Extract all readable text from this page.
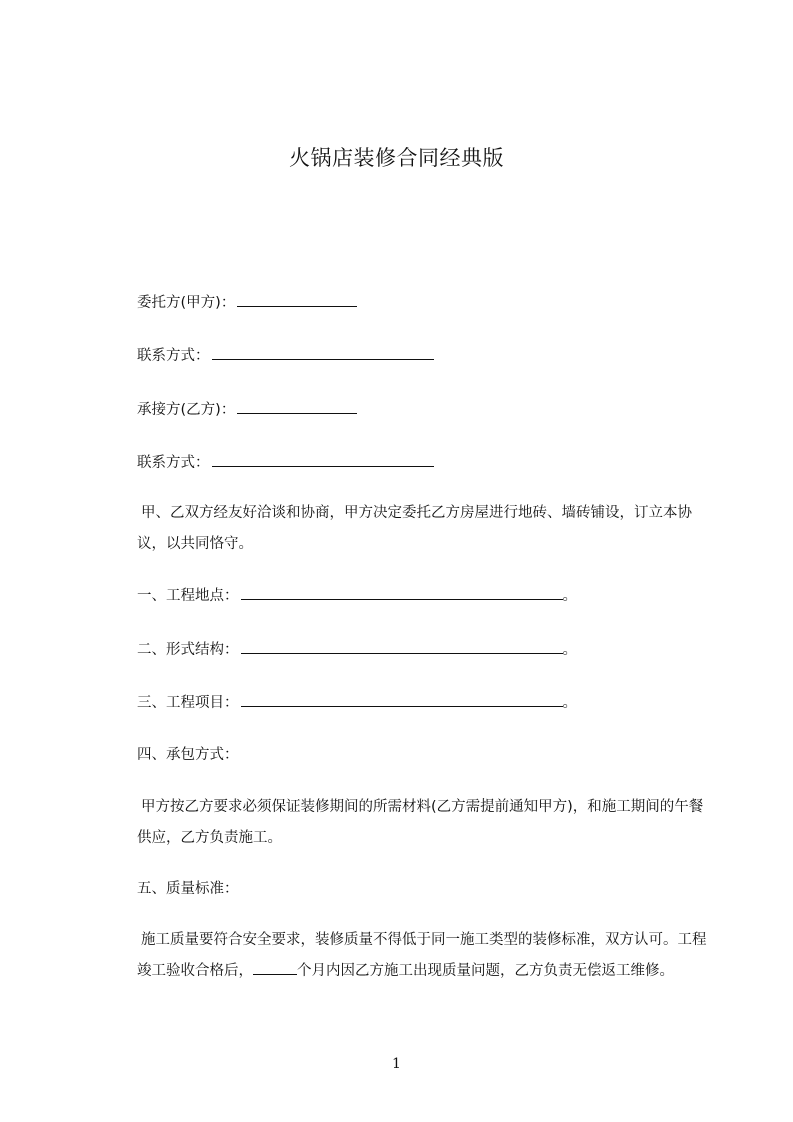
火锅店装修合同经典版
委托方(甲方)：
联系方式：
承接方(乙方)：
联系方式：
甲、乙双方经友好洽谈和协商，甲方决定委托乙方房屋进行地砖、墙砖铺设，订立本协议，以共同恪守。
一、工程地点：	。
二、形式结构：	。
三、工程项目：	。
四、承包方式：
甲方按乙方要求必须保证装修期间的所需材料(乙方需提前通知甲方)，和施工期间的午餐供应，乙方负责施工。
五、质量标准：
施工质量要符合安全要求，装修质量不得低于同一施工类型的装修标准，双方认可。工程竣工验收合格后，	个月内因乙方施工出现质量问题，乙方负责无偿返工维修。
1
